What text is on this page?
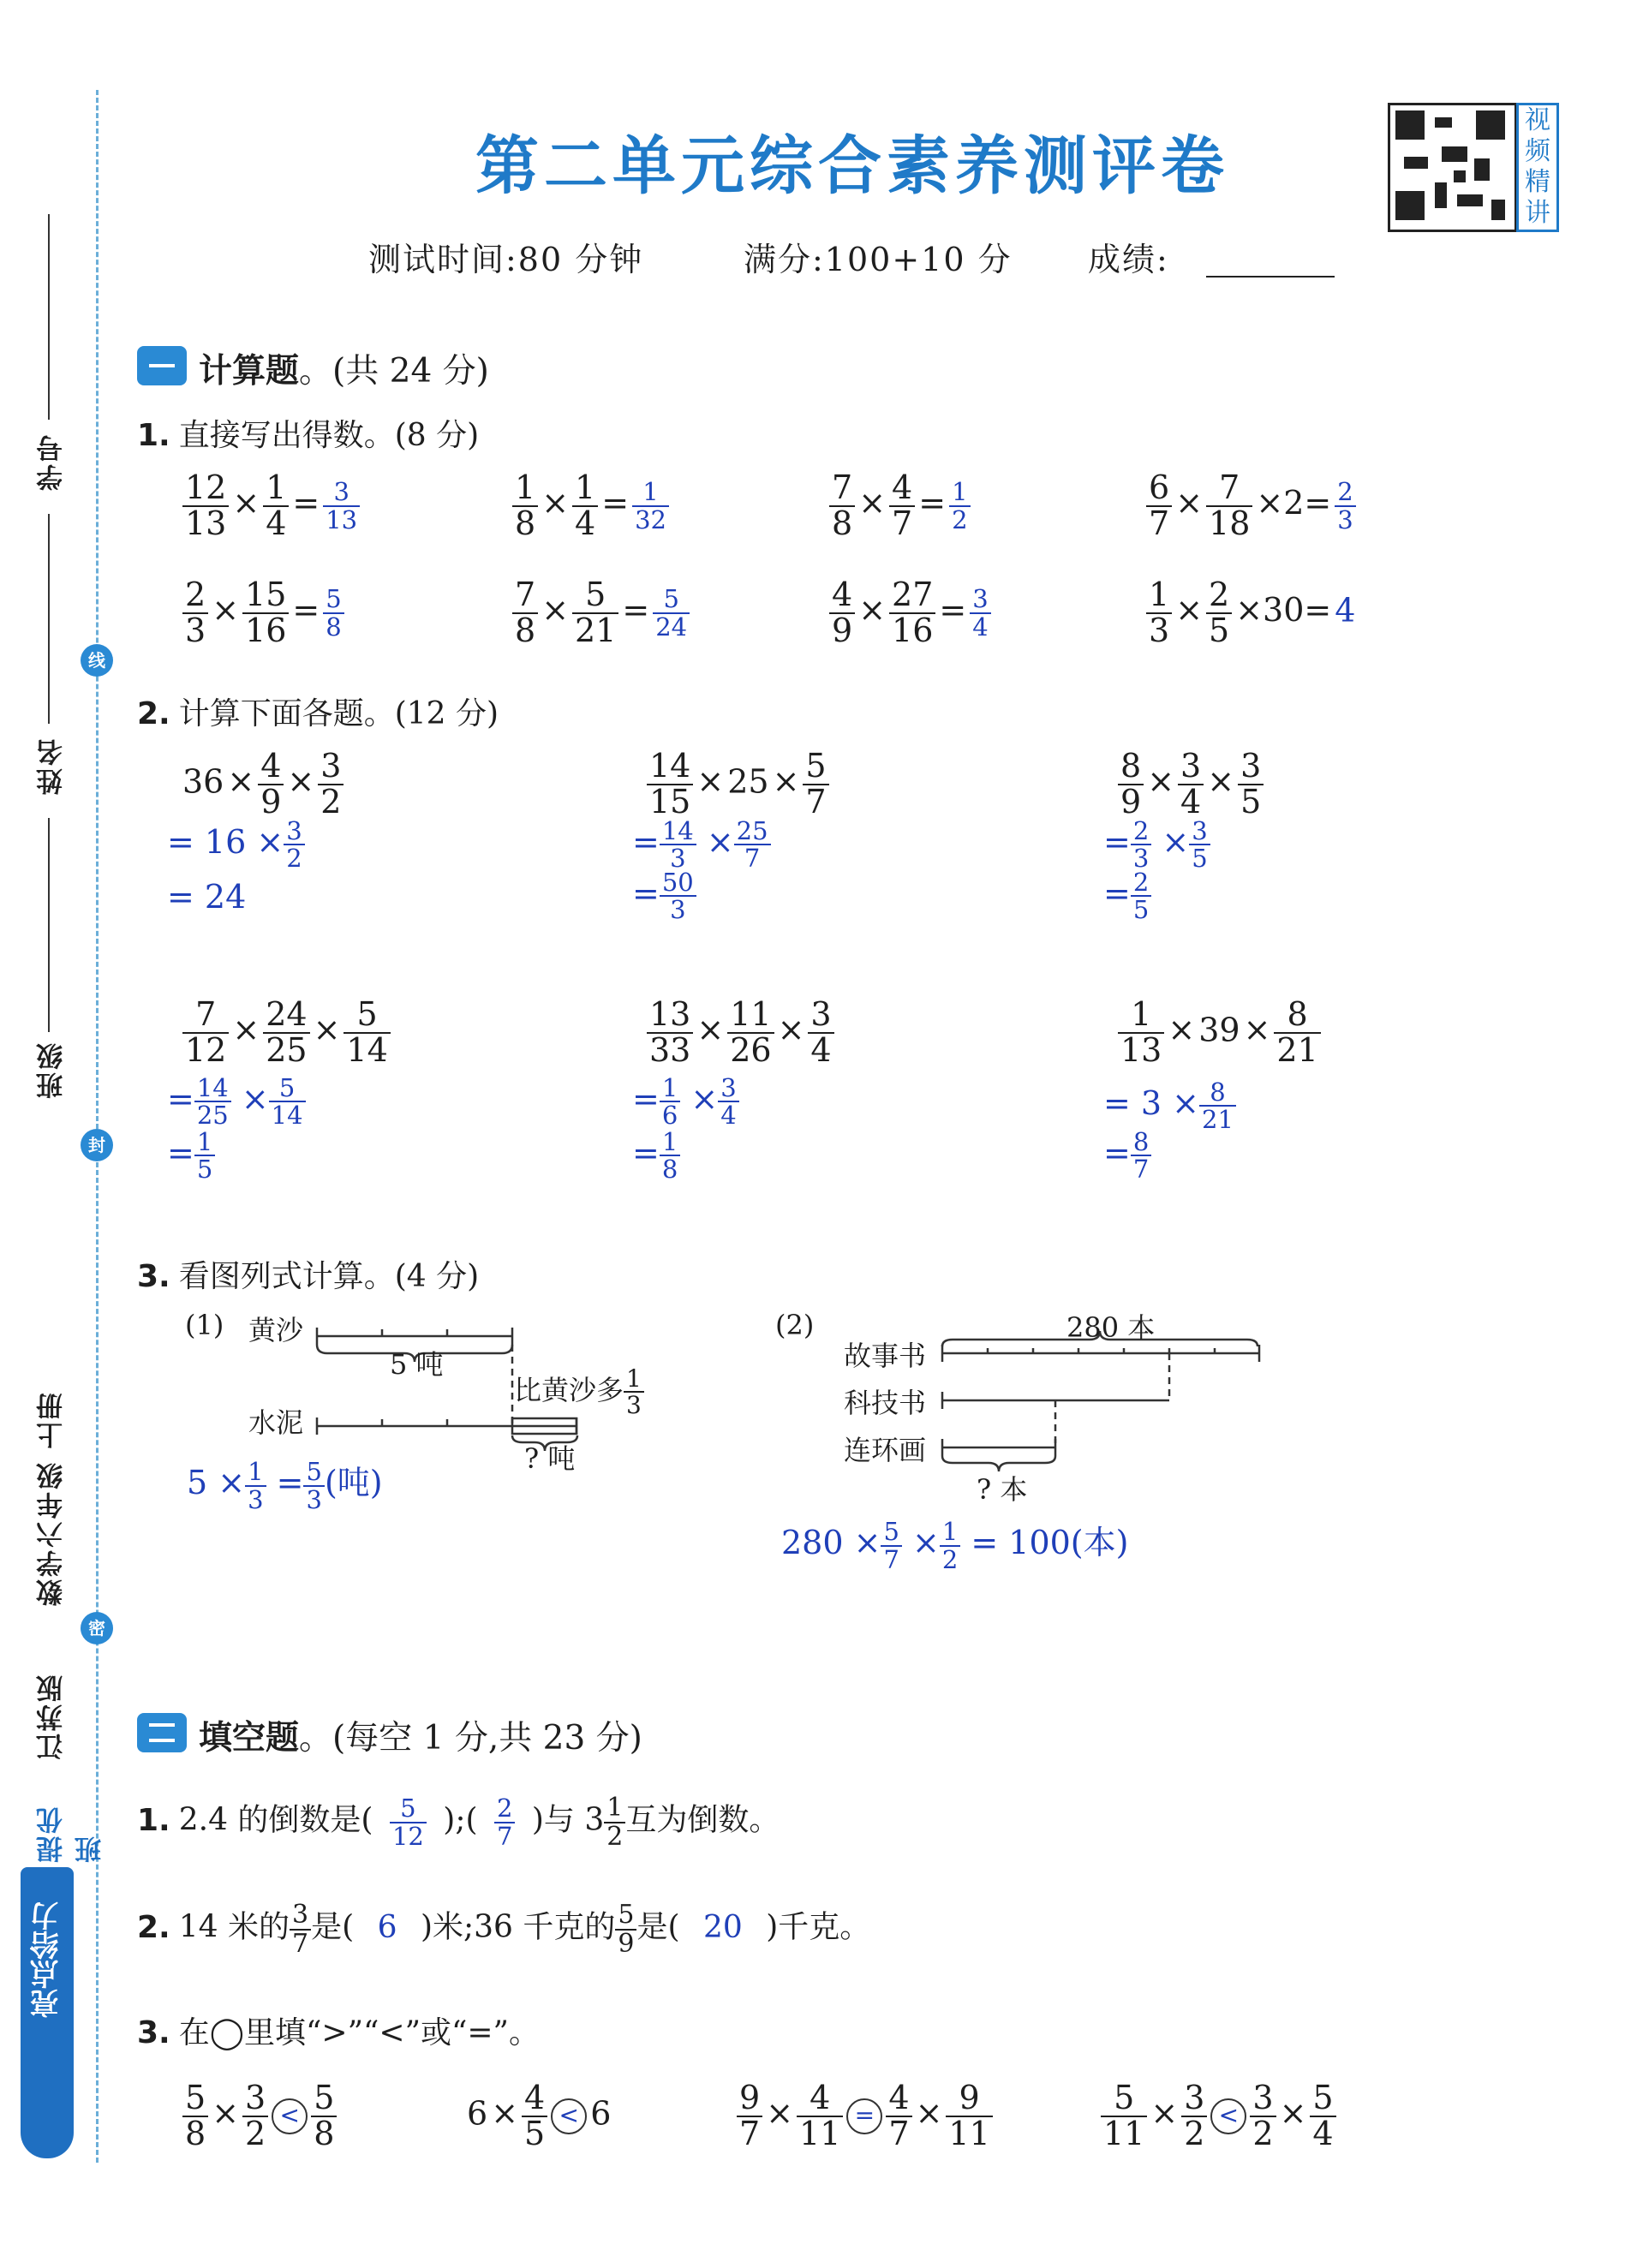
学号
姓名
班级
线
封
密
数学六年级 上册
江苏版
提优班
亮点给力
第二单元综合素养测评卷
视频精讲
测试时间:80 分钟	满分:100+10 分 成绩:
计算题。(共 24 分)
1. 直接写出得数。(8 分)
$\frac{12}{13} \times \frac{1}{4} = \frac{3}{13}$	$\frac{1}{8} \times \frac{1}{4} = \frac{1}{32}$	$\frac{7}{8} \times \frac{4}{7} = \frac{1}{2}$	$\frac{6}{7} \times \frac{7}{18} \times 2= \frac{2}{3}$
$\frac{2}{3} \times \frac{15}{16} = \frac{5}{8}$	$\frac{7}{8} \times \frac{5}{21} = \frac{5}{24}$	$\frac{4}{9} \times \frac{27}{16} = \frac{3}{4}$	$\frac{1}{3} \times \frac{2}{5} \times 30= 4$
2. 计算下面各题。(12 分)
$36 \times \frac{4}{9} \times \frac{3}{2}$
= $16 \times \frac{3}{2}$
= 24
$\frac{14}{15} \times 25 \times \frac{5}{7}$
= $\frac{14}{3} \times \frac{25}{7}$
= $\frac{50}{3}$
$\frac{8}{9} \times \frac{3}{4} \times \frac{3}{5}$
= $\frac{2}{3} \times \frac{3}{5}$
= $\frac{2}{5}$
$\frac{7}{12} \times \frac{24}{25} \times \frac{5}{14}$
= $\frac{14}{25} \times \frac{5}{14}$
= $\frac{1}{5}$
$\frac{13}{33} \times \frac{11}{26} \times \frac{3}{4}$
= $\frac{1}{6} \times \frac{3}{4}$
= $\frac{1}{8}$
$\frac{1}{13} \times 39 \times \frac{8}{21}$
= $3 \times \frac{8}{21}$
= $\frac{8}{7}$
3. 看图列式计算。(4 分)
(1) 黄沙
5 吨
水泥
比黄沙多 $\frac{1}{3}$
? 吨
$5 \times \frac{1}{3} = \frac{5}{3}$ (吨)
(2)	280 本
故事书
科技书
连环画
? 本
$280 \times \frac{5}{7} \times \frac{1}{2} = 100$(本)
填空题。(每空 1 分,共 23 分)
1. 2.4 的倒数是( $\frac{5}{12}$ );( $\frac{2}{7}$ )与 $3 \frac{1}{2}$ 互为倒数。
2. 14 米的 $\frac{3}{7}$ 是( 6 )米;36 千克的 $\frac{5}{9}$ 是( 20 )千克。
3. 在◯里填“>”“<”或“=”。
$\frac{5}{8} \times \frac{3}{2} < \frac{5}{8}$	$6 \times \frac{4}{5} < 6$	$\frac{9}{7} \times \frac{4}{11} = \frac{4}{7} \times \frac{9}{11}$	$\frac{5}{11} \times \frac{3}{2} < \frac{3}{2} \times \frac{5}{4}$
